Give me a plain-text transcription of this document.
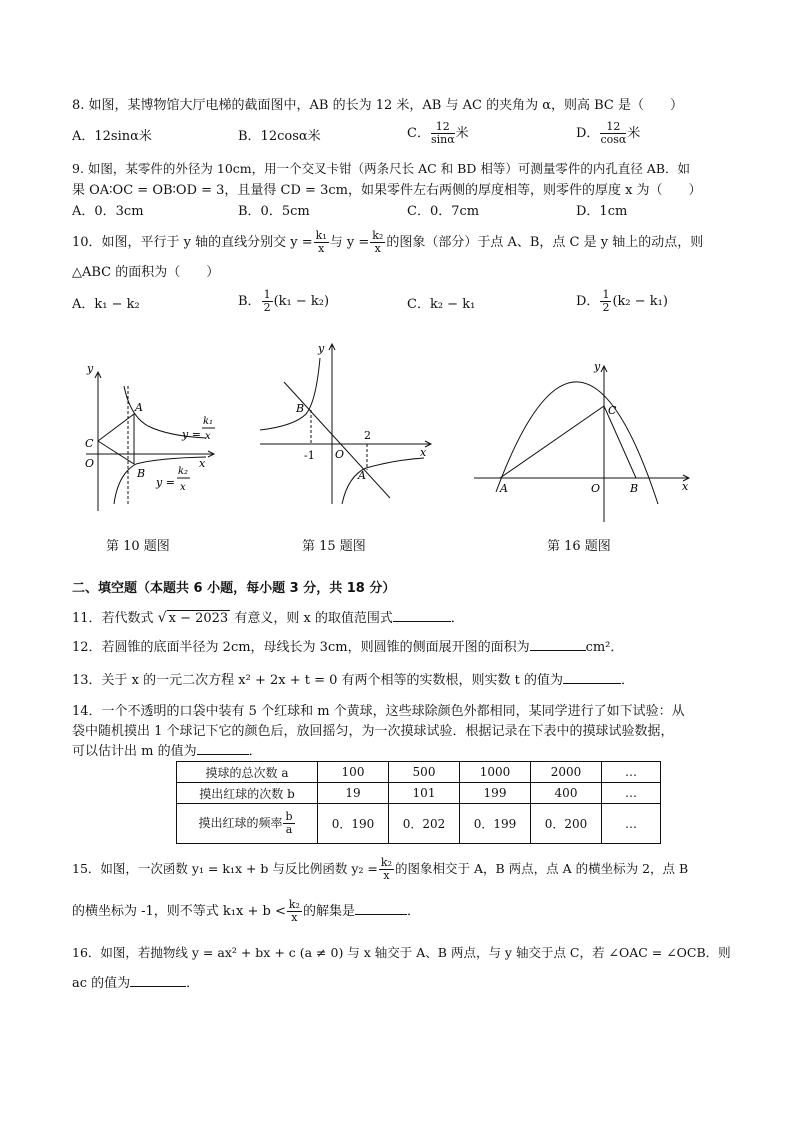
8. 如图，某博物馆大厅电梯的截面图中，AB 的长为 12 米，AB 与 AC 的夹角为 α，则高 BC 是（　　）
A．12sinα米	B．12cosα米	C． $\frac{12}{\sin\alpha}$ 米	D． $\frac{12}{\cos\alpha}$ 米
9. 如图，某零件的外径为 10cm，用一个交叉卡钳（两条尺长 AC 和 BD 相等）可测量零件的内孔直径 AB．如
果 OA∶OC = OB∶OD = 3，且量得 CD = 3cm，如果零件左右两侧的厚度相等，则零件的厚度 x 为（　　）
A．0．3cm	B．0．5cm	C．0．7cm	D．1cm
10．如图，平行于 y 轴的直线分别交 $y = \frac{\text{k₁}}{x}$ 与 $y = \frac{\text{k₂}}{x}$ 的图象（部分）于点 A、B，点 C 是 y 轴上的动点，则
△ABC 的面积为（　　）
A．k₁ − k₂	B． $\frac{1}{2} (k_1 - k_2)$	C．k₂ − k₁	D． $\frac{1}{2} (k_2 - k_1)$
y
x
O
C
A
B
y =
k₁
x
y =
k₂
x
y
x
O
B
A
-1
2
y
x
O
A	B
C
第 10 题图	第 15 题图	第 16 题图
二、填空题（本题共 6 小题，每小题 3 分，共 18 分）
11．若代数式 √ x − 2023 有意义，则 x 的取值范围式	．
12．若圆锥的底面半径为 2cm，母线长为 3cm，则圆锥的侧面展开图的面积为	cm²．
13．关于 x 的一元二次方程 x² + 2x + t = 0 有两个相等的实数根，则实数 t 的值为	．
14．一个不透明的口袋中装有 5 个红球和 m 个黄球，这些球除颜色外都相同，某同学进行了如下试验：从
袋中随机摸出 1 个球记下它的颜色后，放回摇匀，为一次摸球试验．根据记录在下表中的摸球试验数据，
可以估计出 m 的值为	．
摸球的总次数 a	100	500	1000	2000	…
摸出红球的次数 b	19	101	199	400	…
摸出红球的频率 $\frac{b}{a}$	0．190	0．202	0．199	0．200	…
15．如图，一次函数 y₁ = k₁x + b 与反比例函数 $y_2 = \frac{\text{k₂}}{x}$ 的图象相交于 A，B 两点，点 A 的横坐标为 2，点 B
的横坐标为 -1，则不等式 $k_1x + b < \frac{\text{k₂}}{x}$ 的解集是	．
16．如图，若抛物线 y = ax² + bx + c (a ≠ 0) 与 x 轴交于 A、B 两点，与 y 轴交于点 C，若 ∠OAC = ∠OCB．则
ac 的值为	．
